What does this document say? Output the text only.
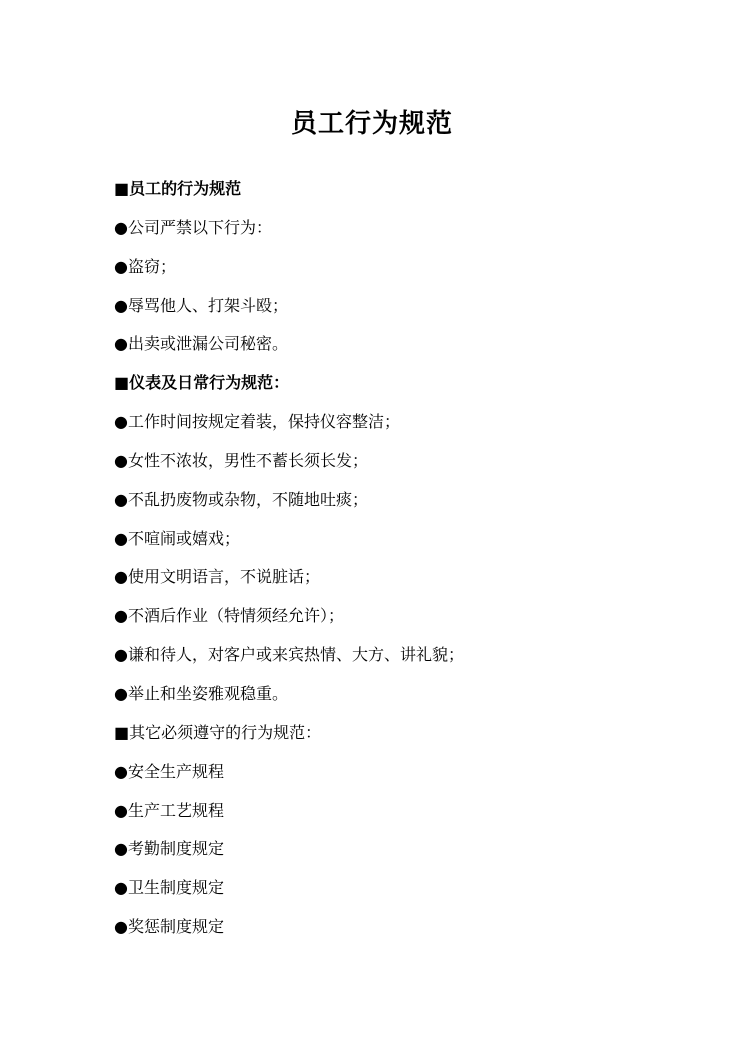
员工行为规范
■员工的行为规范
●公司严禁以下行为：
●盗窃；
●辱骂他人、打架斗殴；
●出卖或泄漏公司秘密。
■仪表及日常行为规范：
●工作时间按规定着装，保持仪容整洁；
●女性不浓妆，男性不蓄长须长发；
●不乱扔废物或杂物，不随地吐痰；
●不喧闹或嬉戏；
●使用文明语言，不说脏话；
●不酒后作业（特情须经允许）；
●谦和待人，对客户或来宾热情、大方、讲礼貌；
●举止和坐姿雅观稳重。
■其它必须遵守的行为规范：
●安全生产规程
●生产工艺规程
●考勤制度规定
●卫生制度规定
●奖惩制度规定
